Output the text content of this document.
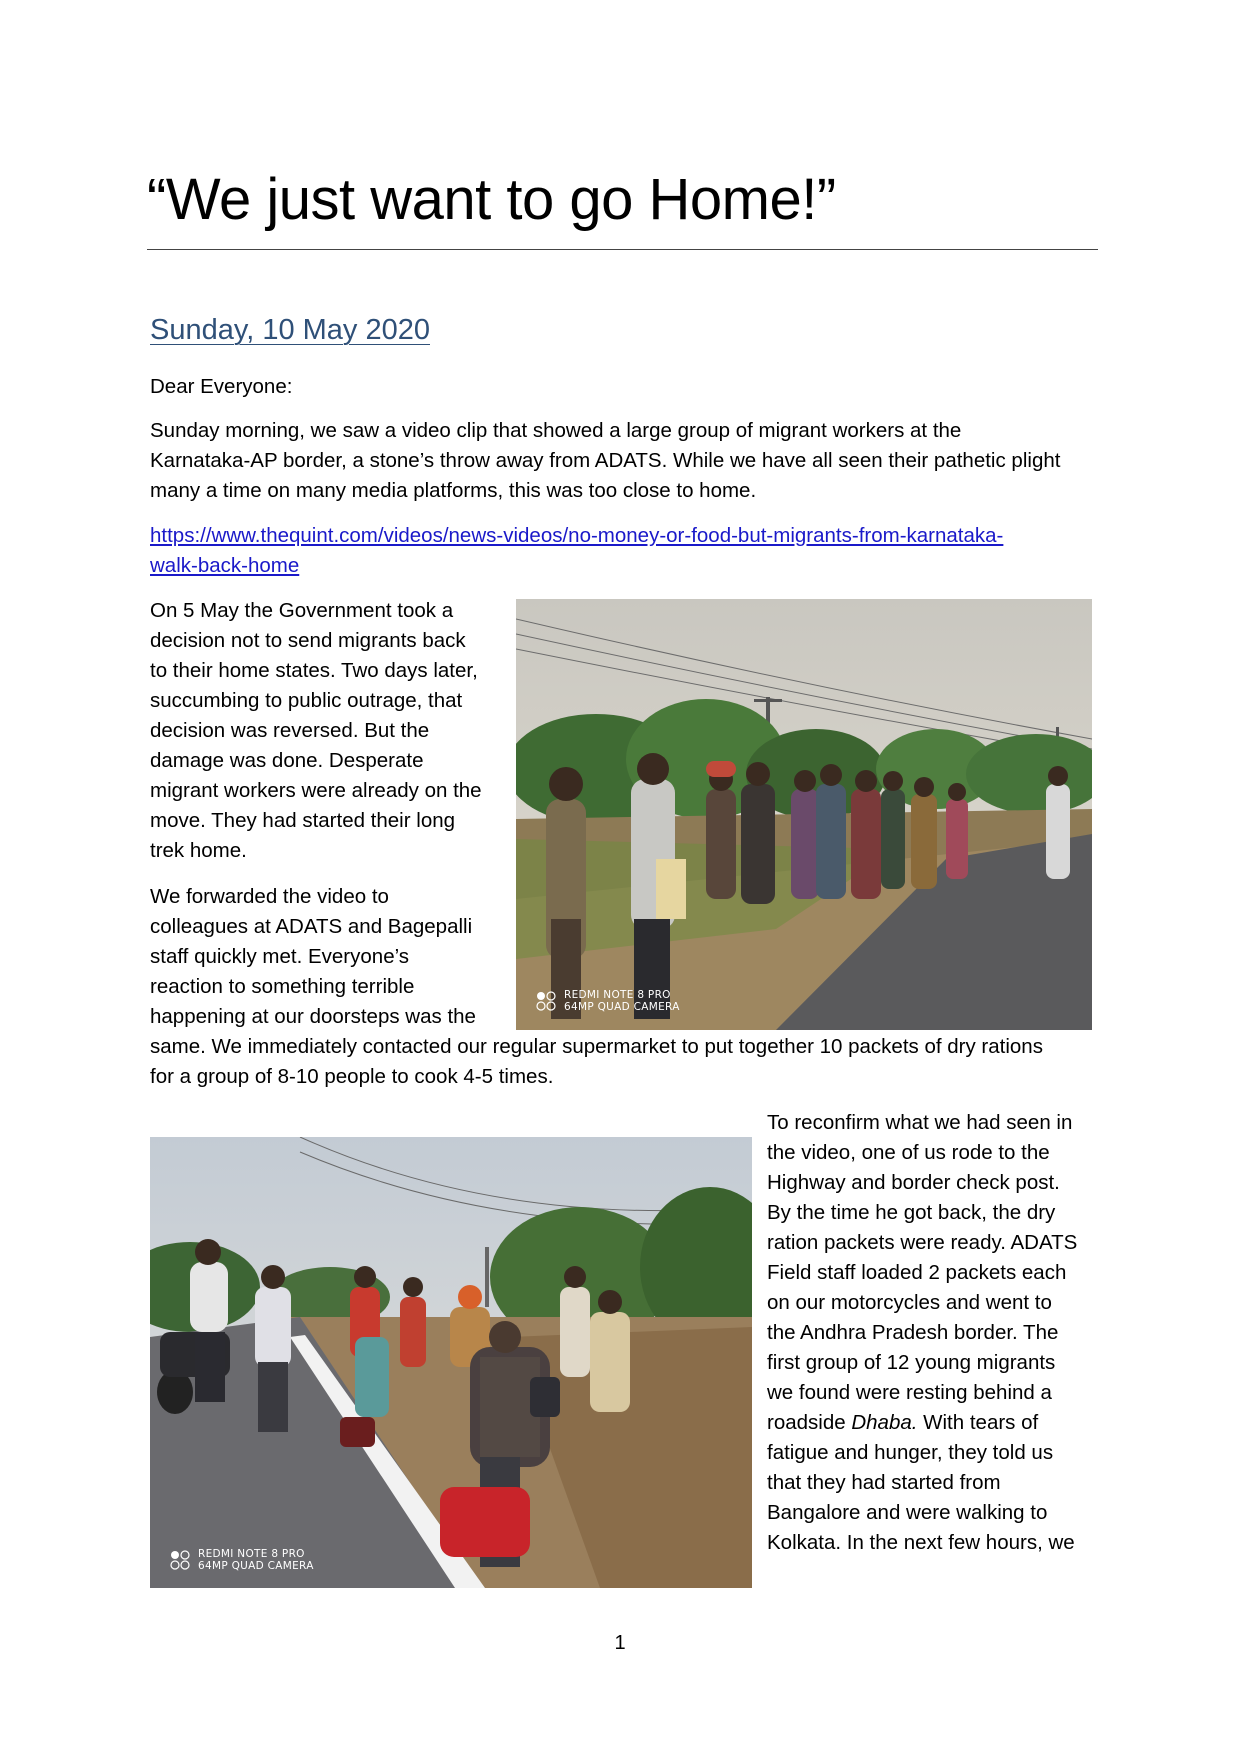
“We just want to go Home!”
Sunday, 10 May 2020

Dear Everyone:

Sunday morning, we saw a video clip that showed a large group of migrant workers at the

Karnataka-AP border, a stone’s throw away from ADATS. While we have all seen their pathetic plight

many a time on many media platforms, this was too close to home.

https://www.thequint.com/videos/news-videos/no-money-or-food-but-migrants-from-karnataka-
walk-back-home

On 5 May the Government took a

decision not to send migrants back

to their home states. Two days later,

succumbing to public outrage, that

decision was reversed. But the

damage was done. Desperate

migrant workers were already on the

move. They had started their long

trek home.

We forwarded the video to

colleagues at ADATS and Bagepalli

staff quickly met. Everyone’s

reaction to something terrible

happening at our doorsteps was the

same. We immediately contacted our regular supermarket to put together 10 packets of dry rations

for a group of 8-10 people to cook 4-5 times.

To reconfirm what we had seen in

the video, one of us rode to the

Highway and border check post.

By the time he got back, the dry

ration packets were ready. ADATS

Field staff loaded 2 packets each

on our motorcycles and went to

the Andhra Pradesh border. The

first group of 12 young migrants

we found were resting behind a

roadside Dhaba. With tears of

fatigue and hunger, they told us

that they had started from

Bangalore and were walking to

Kolkata. In the next few hours, we

REDMI NOTE 8 PRO
64MP QUAD CAMERA
REDMI NOTE 8 PRO
64MP QUAD CAMERA

1
